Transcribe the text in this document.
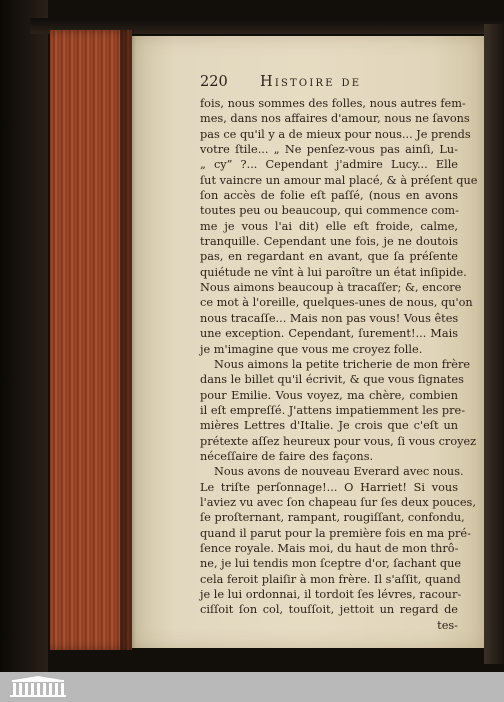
220 Histoire de
fois, nous sommes des folles, nous autres fem-
mes, dans nos affaires d'amour, nous ne ſavons
pas ce qu'il y a de mieux pour nous... Je prends
votre ſtile... „ Ne penſez-vous pas ainſi, Lu-
„ cy” ?... Cependant j'admire Lucy... Elle
ſut vaincre un amour mal placé, & à préſent que
ſon accès de folie eſt paſſé, (nous en avons
toutes peu ou beaucoup, qui commence com-
me je vous l'ai dit) elle eſt froide, calme,
tranquille. Cependant une fois, je ne doutois
pas, en regardant en avant, que ſa préſente
quiétude ne vînt à lui paroître un état inſipide.
Nous aimons beaucoup à tracaſſer; &, encore
ce mot à l'oreille, quelques-unes de nous, qu'on
nous tracaſſe... Mais non pas vous! Vous êtes
une exception. Cependant, ſurement!... Mais
je m'imagine que vous me croyez folle.
Nous aimons la petite tricherie de mon frère
dans le billet qu'il écrivit, & que vous ſignates
pour Emilie. Vous voyez, ma chère, combien
il eſt empreſſé. J'attens impatiemment les pre-
mières Lettres d'Italie. Je crois que c'eſt un
prétexte aſſez heureux pour vous, ſi vous croyez
néceſſaire de faire des façons.
Nous avons de nouveau Everard avec nous.
Le triſte perſonnage!... O Harriet! Si vous
l'aviez vu avec ſon chapeau ſur ſes deux pouces,
ſe proſternant, rampant, rougiſſant, confondu,
quand il parut pour la première fois en ma pré-
ſence royale. Mais moi, du haut de mon thrô-
ne, je lui tendis mon ſceptre d'or, ſachant que
cela feroit plaiſir à mon frère. Il s'aſſit, quand
je le lui ordonnai, il tordoit ſes lévres, racour-
ciſſoit ſon col, touſſoit, jettoit un regard de
tes-
